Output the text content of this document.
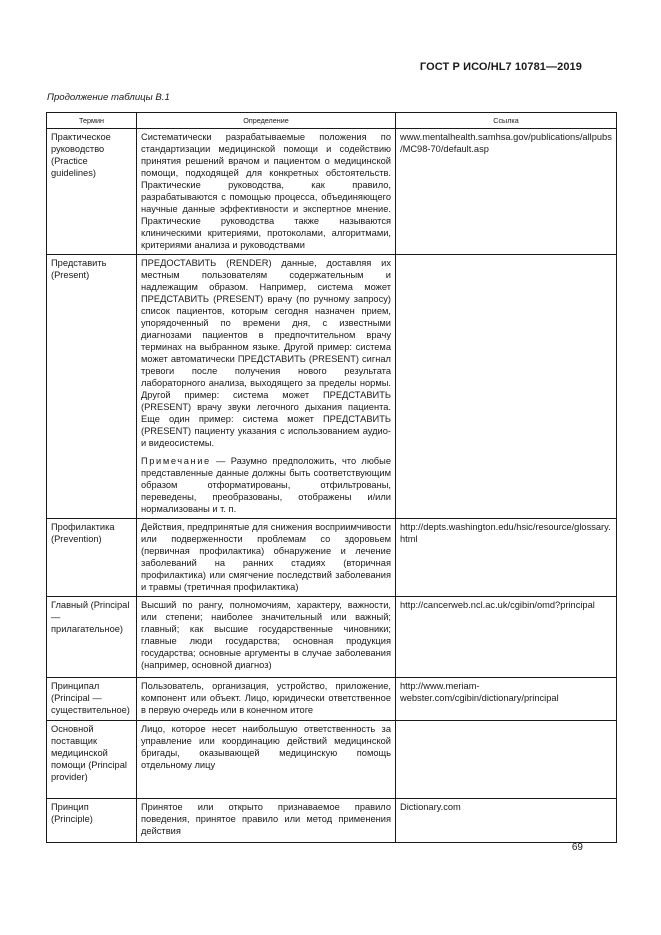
ГОСТ Р ИСО/HL7 10781—2019
Продолжение таблицы В.1
Термин	Определение	Ссылка
Практическое руководство (Practice guidelines)	Систематически разрабатываемые положения по стандартизации медицинской помощи и содействию принятия решений врачом и пациентом о медицинской помощи, подходящей для конкретных обстоятельств. Практические руководства, как правило, разрабатываются с помощью процесса, объединяющего научные данные эффективности и экспертное мнение. Практические руководства также называются клиническими критериями, протоколами, алгоритмами, критериями анализа и руководствами	www.mentalhealth.samhsa.gov/publications/allpubs/MC98-70/default.asp
Представить (Present)	ПРЕДОСТАВИТЬ (RENDER) данные, доставляя их местным пользователям содержательным и надлежащим образом. Например, система может ПРЕДСТАВИТЬ (PRESENT) врачу (по ручному запросу) список пациентов, которым сегодня назначен прием, упорядоченный по времени дня, с известными диагнозами пациентов в предпочтительном врачу терминах на выбранном языке. Другой пример: система может автоматически ПРЕДСТАВИТЬ (PRESENT) сигнал тревоги после получения нового результата лабораторного анализа, выходящего за пределы нормы. Другой пример: система может ПРЕДСТАВИТЬ (PRESENT) врачу звуки легочного дыхания пациента. Еще один пример: система может ПРЕДСТАВИТЬ (PRESENT) пациенту указания с использованием аудио- и видеосистемы.
Примечание — Разумно предположить, что любые представленные данные должны быть соответствующим образом отформатированы, отфильтрованы, переведены, преобразованы, отображены и/или нормализованы и т. п.	

Профилактика (Prevention)	Действия, предпринятые для снижения восприимчивости или подверженности проблемам со здоровьем (первичная профилактика) обнаружение и лечение заболеваний на ранних стадиях (вторичная профилактика) или смягчение последствий заболевания и травмы (третичная профилактика)	http://depts.washington.edu/hsic/resource/glossary.html
Главный (Principal — прилагательное)	Высший по рангу, полномочиям, характеру, важности, или степени; наиболее значительный или важный; главный; как высшие государственные чиновники; главные люди государства; основная продукция государства; основные аргументы в случае заболевания (например, основной диагноз)	http://cancerweb.ncl.ac.uk/cgibin/omd?principal
Принципал (Principal — существительное)	Пользователь, организация, устройство, приложение, компонент или объект. Лицо, юридически ответственное в первую очередь или в конечном итоге	http://www.meriam-webster.com/cgibin/dictionary/principal
Основной поставщик медицинской помощи (Principal provider)	Лицо, которое несет наибольшую ответственность за управление или координацию действий медицинской бригады, оказывающей медицинскую помощь отдельному лицу	
Принцип (Principle)	Принятое или открыто признаваемое правило поведения, принятое правило или метод применения действия	Dictionary.com
69
